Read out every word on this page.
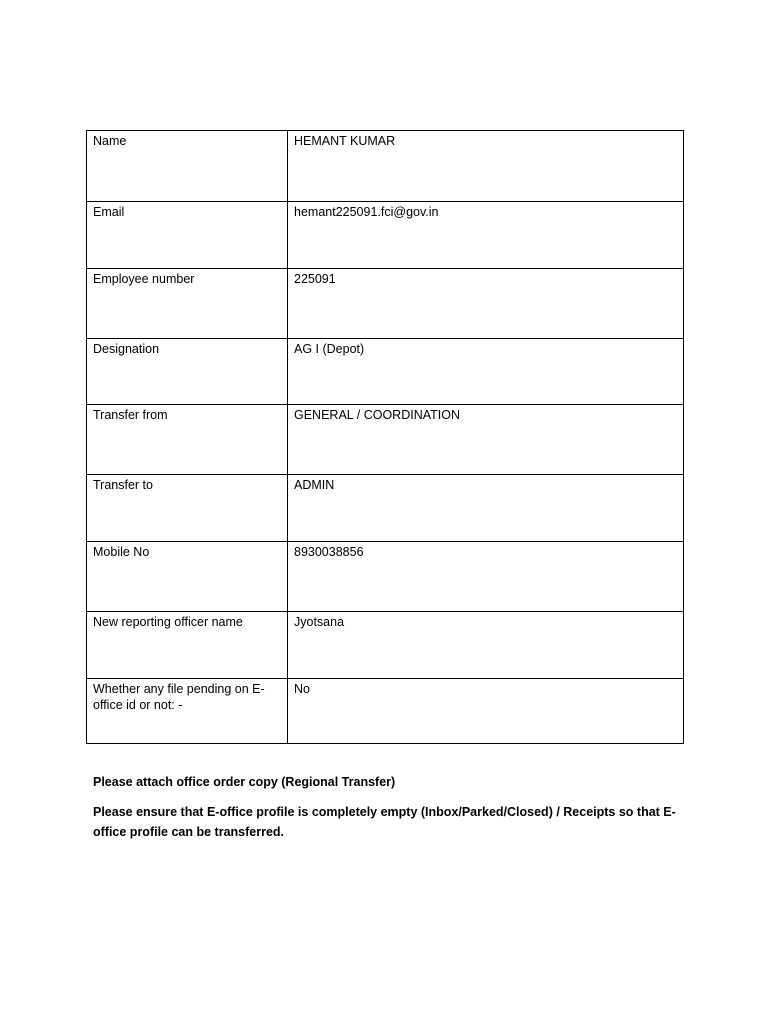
Name	HEMANT KUMAR
Email	hemant225091.fci@gov.in
Employee number	225091
Designation	AG I (Depot)
Transfer from	GENERAL / COORDINATION
Transfer to	ADMIN
Mobile No	8930038856
New reporting officer name	Jyotsana
Whether any file pending on E-office id or not: -	No

Please attach office order copy (Regional Transfer)

Please ensure that E-office profile is completely empty (Inbox/Parked/Closed) / Receipts so that E-office profile can be transferred.
